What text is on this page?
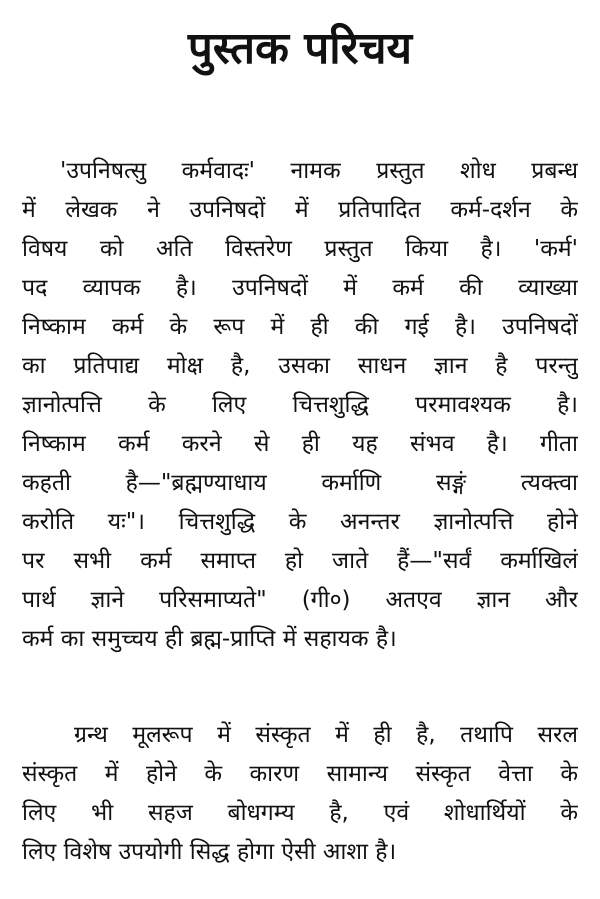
पुस्तक परिचय
'उपनिषत्सु कर्मवादः' नामक प्रस्तुत शोध प्रबन्ध
में लेखक ने उपनिषदों में प्रतिपादित कर्म-दर्शन के
विषय को अति विस्तरेण प्रस्तुत किया है। 'कर्म'
पद व्यापक है। उपनिषदों में कर्म की व्याख्या
निष्काम कर्म के रूप में ही की गई है। उपनिषदों
का प्रतिपाद्य मोक्ष है, उसका साधन ज्ञान है परन्तु
ज्ञानोत्पत्ति के लिए चित्तशुद्धि परमावश्यक है।
निष्काम कर्म करने से ही यह संभव है। गीता
कहती है—"ब्रह्मण्याधाय कर्माणि सङ्गं त्यक्त्वा
करोति यः"। चित्तशुद्धि के अनन्तर ज्ञानोत्पत्ति होने
पर सभी कर्म समाप्त हो जाते हैं—"सर्वं कर्माखिलं
पार्थ ज्ञाने परिसमाप्यते" (गी०) अतएव ज्ञान और
कर्म का समुच्चय ही ब्रह्म-प्राप्ति में सहायक है।
ग्रन्थ मूलरूप में संस्कृत में ही है, तथापि सरल
संस्कृत में होने के कारण सामान्य संस्कृत वेत्ता के
लिए भी सहज बोधगम्य है, एवं शोधार्थियों के
लिए विशेष उपयोगी सिद्ध होगा ऐसी आशा है।
